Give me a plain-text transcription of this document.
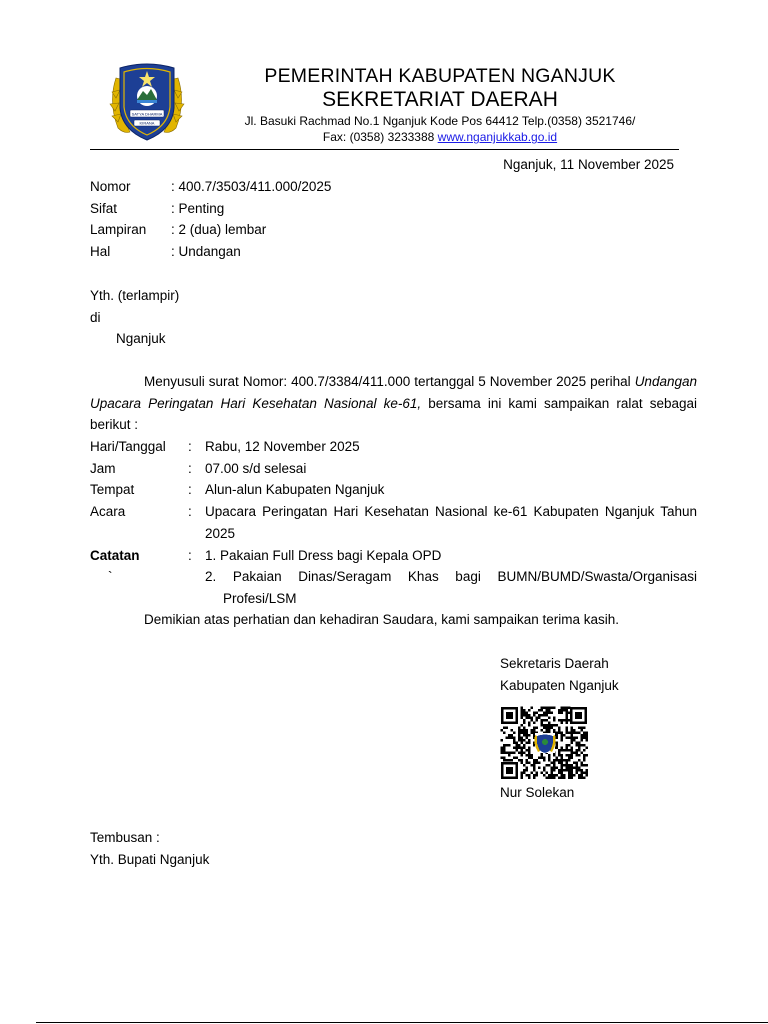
SATYA DHARMA
KIRANA
PEMERINTAH KABUPATEN NGANJUK
SEKRETARIAT DAERAH
Jl. Basuki Rachmad No.1 Nganjuk Kode Pos 64412 Telp.(0358) 3521746/
Fax: (0358) 3233388 www.nganjukkab.go.id
Nganjuk, 11 November 2025
Nomor	: 400.7/3503/411.000/2025
Sifat	: Penting
Lampiran : 2 (dua) lembar
Hal	: Undangan
Yth. (terlampir)
di
Nganjuk
Menyusuli surat Nomor: 400.7/3384/411.000 tertanggal 5 November 2025 perihal Undangan Upacara Peringatan Hari Kesehatan Nasional ke-61, bersama ini kami sampaikan ralat sebagai berikut :
Hari/Tanggal : Rabu, 12 November 2025
Jam	: 07.00 s/d selesai
Tempat	: Alun-alun Kabupaten Nganjuk
Acara	: Upacara Peringatan Hari Kesehatan Nasional ke-61 Kabupaten Nganjuk Tahun 2025
Catatan	: 1. Pakaian Full Dress bagi Kepala OPD
`	2. Pakaian Dinas/Seragam Khas bagi BUMN/BUMD/Swasta/Organisasi Profesi/LSM
Demikian atas perhatian dan kehadiran Saudara, kami sampaikan terima kasih.
Sekretaris Daerah
Kabupaten Nganjuk
Nur Solekan
Tembusan :
Yth. Bupati Nganjuk
